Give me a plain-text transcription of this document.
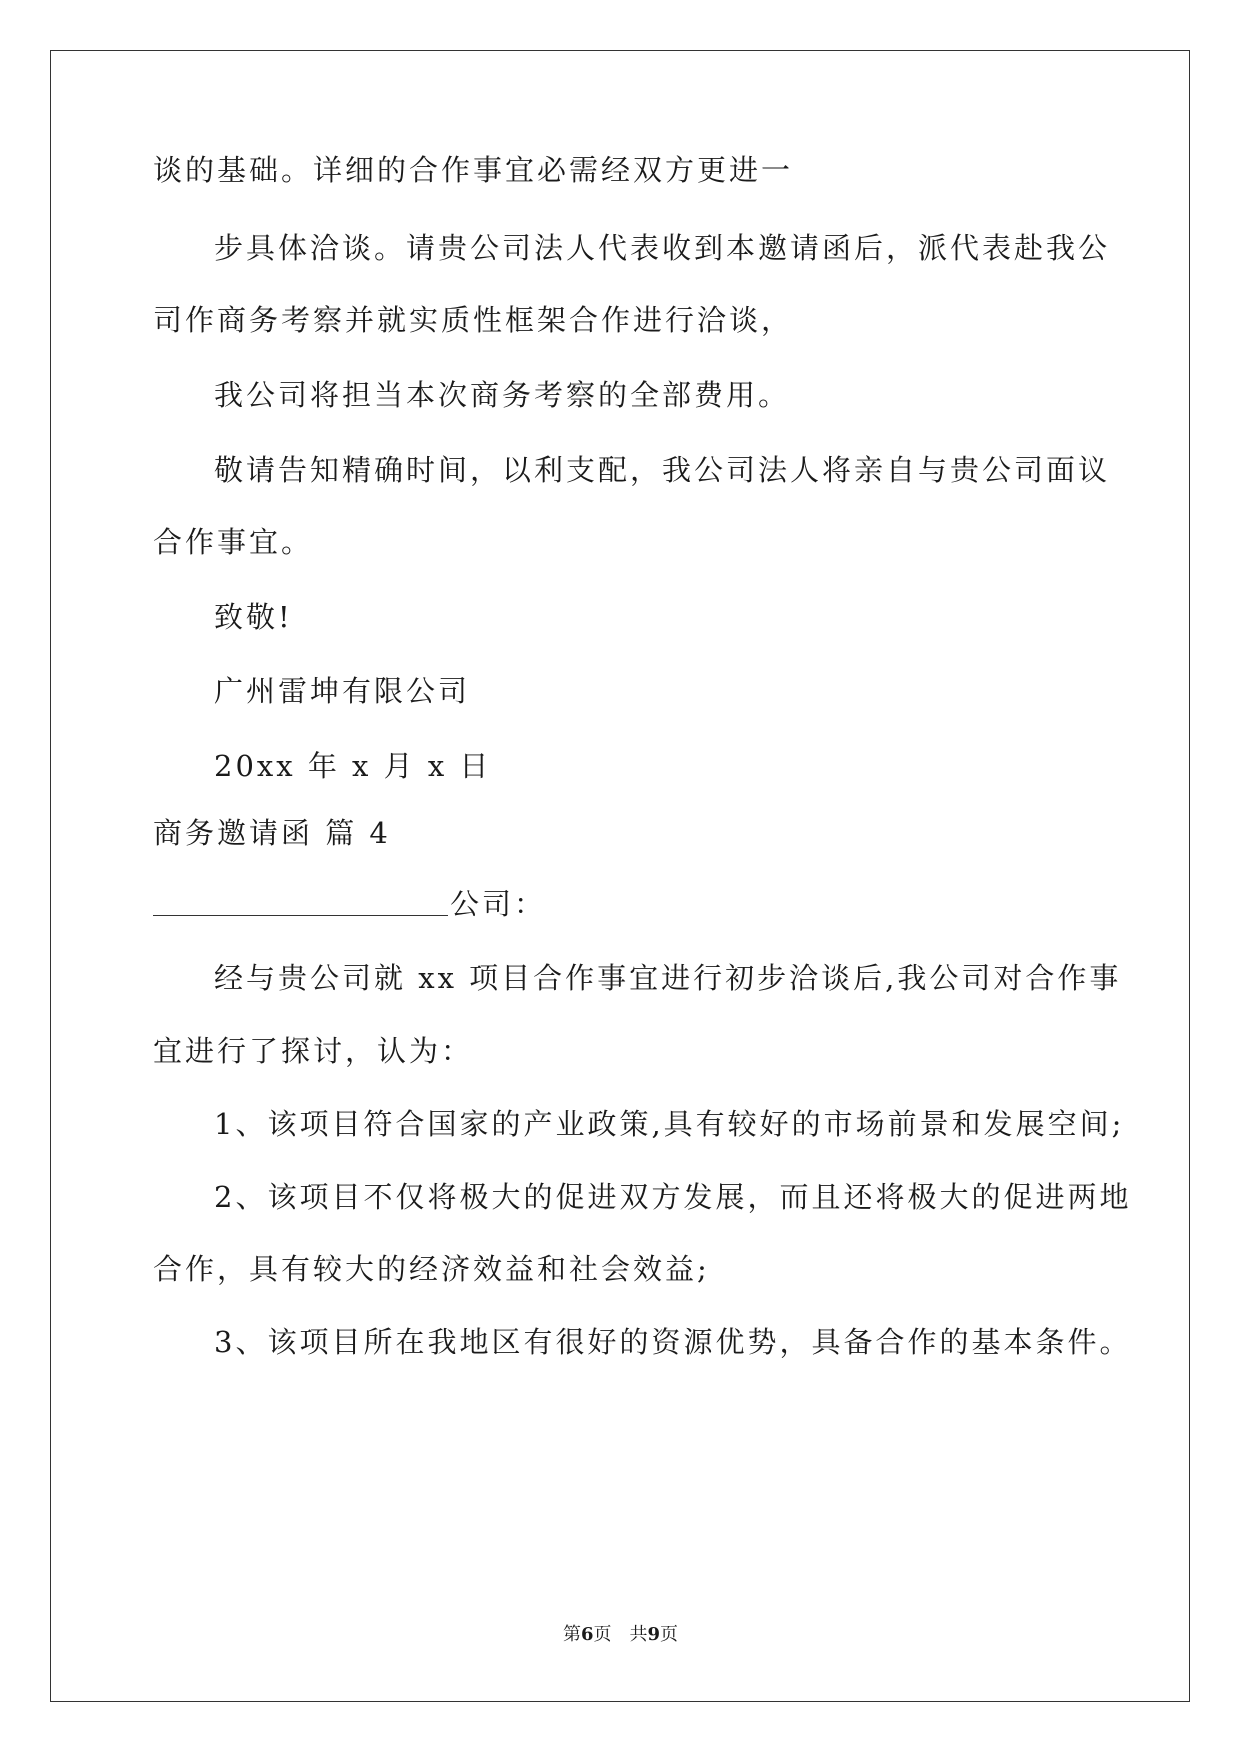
谈的基础。详细的合作事宜必需经双方更进一
步具体洽谈。请贵公司法人代表收到本邀请函后，派代表赴我公
司作商务考察并就实质性框架合作进行洽谈，
我公司将担当本次商务考察的全部费用。
敬请告知精确时间，以利支配，我公司法人将亲自与贵公司面议
合作事宜。
致敬!
广州雷坤有限公司
20xx 年 x 月 x 日
商务邀请函 篇 4
公司：
经与贵公司就 xx 项目合作事宜进行初步洽谈后,我公司对合作事
宜进行了探讨，认为：
1、该项目符合国家的产业政策,具有较好的市场前景和发展空间;
2、该项目不仅将极大的促进双方发展，而且还将极大的促进两地
合作，具有较大的经济效益和社会效益;
3、该项目所在我地区有很好的资源优势，具备合作的基本条件。
第6页　共9页
